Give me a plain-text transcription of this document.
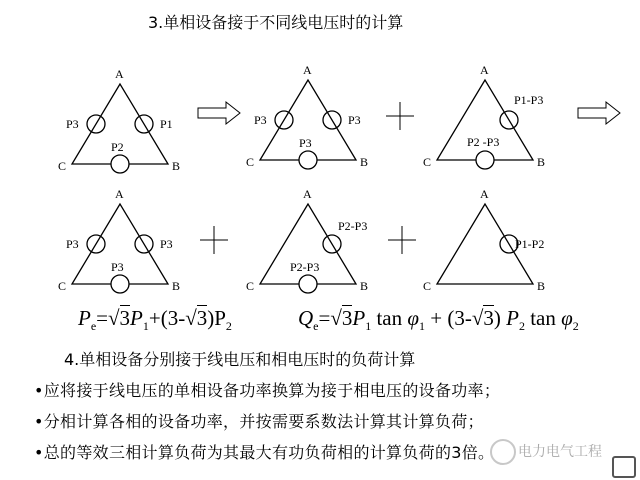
3.单相设备接于不同线电压时的计算
A
C	B
A
C	B
A
C	B
A
C	B
A
C	B
A
C	B
P3	P1
P2
P3	P3
P3
P1-P3
P2 -P3
P3	P3
P3
P2-P3
P2-P3
P1-P2
$P_e=√3P_1+(3-√3)P_2$	$Q_e=√3P_1$ $\tan \varphi_1 + (3-√3)$ $P_2$ $\tan \varphi_2$
4.单相设备分别接于线电压和相电压时的负荷计算
•应将接于线电压的单相设备功率换算为接于相电压的设备功率；
•分相计算各相的设备功率，并按需要系数法计算其计算负荷；
•总的等效三相计算负荷为其最大有功负荷相的计算负荷的3倍。 电力电气工程
